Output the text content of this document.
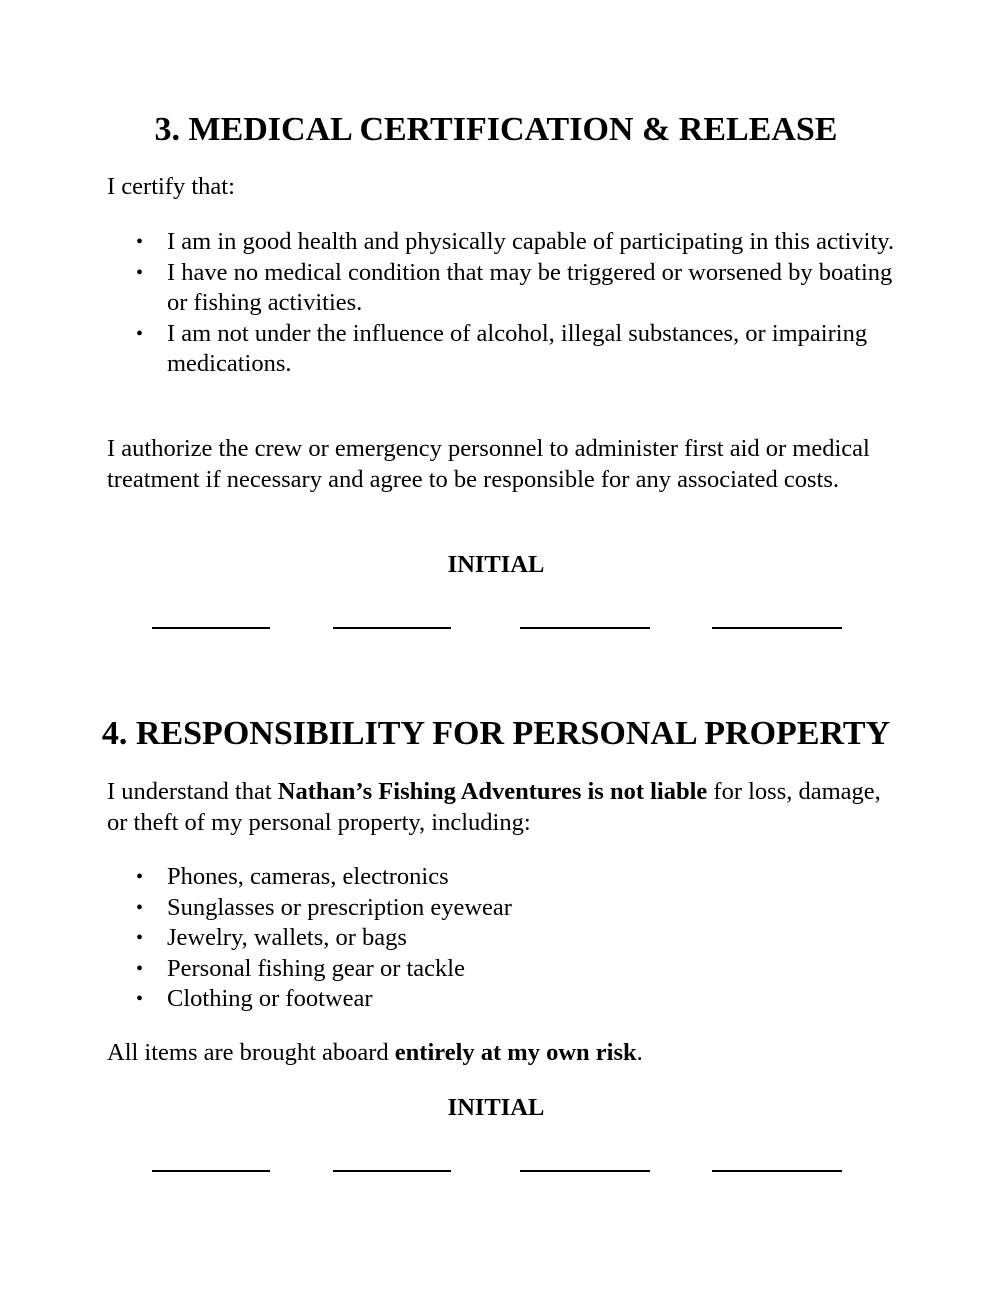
3. MEDICAL CERTIFICATION & RELEASE

I certify that:

• I am in good health and physically capable of participating in this activity.
• I have no medical condition that may be triggered or worsened by boating or fishing activities.
• I am not under the influence of alcohol, illegal substances, or impairing medications.

I authorize the crew or emergency personnel to administer first aid or medical treatment if necessary and agree to be responsible for any associated costs.

INITIAL
4. RESPONSIBILITY FOR PERSONAL PROPERTY

I understand that Nathan’s Fishing Adventures is not liable for loss, damage, or theft of my personal property, including:

• Phones, cameras, electronics
• Sunglasses or prescription eyewear
• Jewelry, wallets, or bags
• Personal fishing gear or tackle
• Clothing or footwear

All items are brought aboard entirely at my own risk.

INITIAL
